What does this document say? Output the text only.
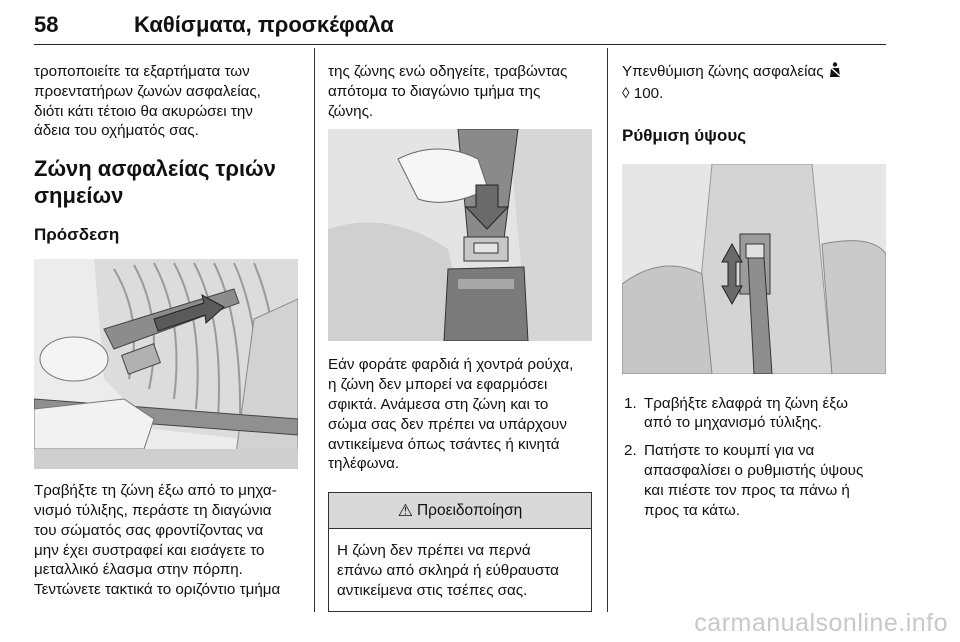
58	Καθίσματα, προσκέφαλα
τροποποιείτε τα εξαρτήματα των
προεντατήρων ζωνών ασφαλείας,
διότι κάτι τέτοιο θα ακυρώσει την
άδεια του οχήματός σας.
Ζώνη ασφαλείας τριών
σημείων
Πρόσδεση
Τραβήξτε τη ζώνη έξω από το μηχα-
νισμό τύλιξης, περάστε τη διαγώνια
του σώματός σας φροντίζοντας να
μην έχει συστραφεί και εισάγετε το
μεταλλικό έλασμα στην πόρπη.
Τεντώνετε τακτικά το οριζόντιο τμήμα
της ζώνης ενώ οδηγείτε, τραβώντας
απότομα το διαγώνιο τμήμα της
ζώνης.
Εάν φοράτε φαρδιά ή χοντρά ρούχα,
η ζώνη δεν μπορεί να εφαρμόσει
σφικτά. Ανάμεσα στη ζώνη και το
σώμα σας δεν πρέπει να υπάρχουν
αντικείμενα όπως τσάντες ή κινητά
τηλέφωνα.
⚠ Προειδοποίηση
Η ζώνη δεν πρέπει να περνά
επάνω από σκληρά ή εύθραυστα
αντικείμενα στις τσέπες σας.
Υπενθύμιση ζώνης ασφαλείας
◊ 100.
Ρύθμιση ύψους
1. Τραβήξτε ελαφρά τη ζώνη έξω
από το μηχανισμό τύλιξης.
2. Πατήστε το κουμπί για να
απασφαλίσει ο ρυθμιστής ύψους
και πιέστε τον προς τα πάνω ή
προς τα κάτω.
carmanualsonline.info
